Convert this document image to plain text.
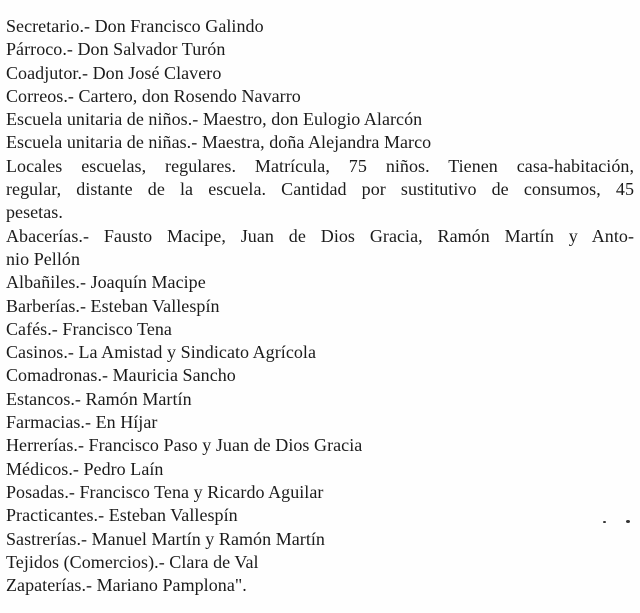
Secretario.- Don Francisco Galindo
Párroco.- Don Salvador Turón
Coadjutor.- Don José Clavero
Correos.- Cartero, don Rosendo Navarro
Escuela unitaria de niños.- Maestro, don Eulogio Alarcón
Escuela unitaria de niñas.- Maestra, doña Alejandra Marco
Locales escuelas, regulares. Matrícula, 75 niños. Tienen casa-habitación,
regular, distante de la escuela. Cantidad por sustitutivo de consumos, 45
pesetas.
Abacerías.- Fausto Macipe, Juan de Dios Gracia, Ramón Martín y Anto-
nio Pellón
Albañiles.- Joaquín Macipe
Barberías.- Esteban Vallespín
Cafés.- Francisco Tena
Casinos.- La Amistad y Sindicato Agrícola
Comadronas.- Mauricia Sancho
Estancos.- Ramón Martín
Farmacias.- En Híjar
Herrerías.- Francisco Paso y Juan de Dios Gracia
Médicos.- Pedro Laín
Posadas.- Francisco Tena y Ricardo Aguilar
Practicantes.- Esteban Vallespín
Sastrerías.- Manuel Martín y Ramón Martín
Tejidos (Comercios).- Clara de Val
Zapaterías.- Mariano Pamplona".
